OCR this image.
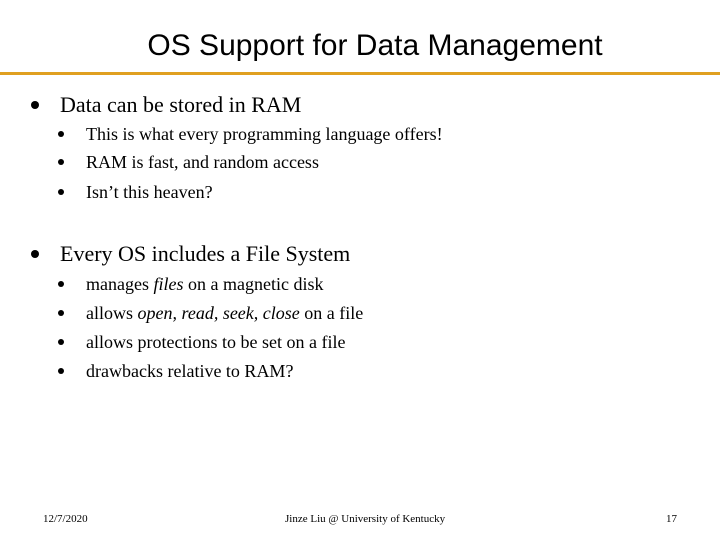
OS Support for Data Management
Data can be stored in RAM
This is what every programming language offers!
RAM is fast, and random access
Isn’t this heaven?
Every OS includes a File System
manages files on a magnetic disk
allows open, read, seek, close on a file
allows protections to be set on a file
drawbacks relative to RAM?
12/7/2020	Jinze Liu @ University of Kentucky	17
